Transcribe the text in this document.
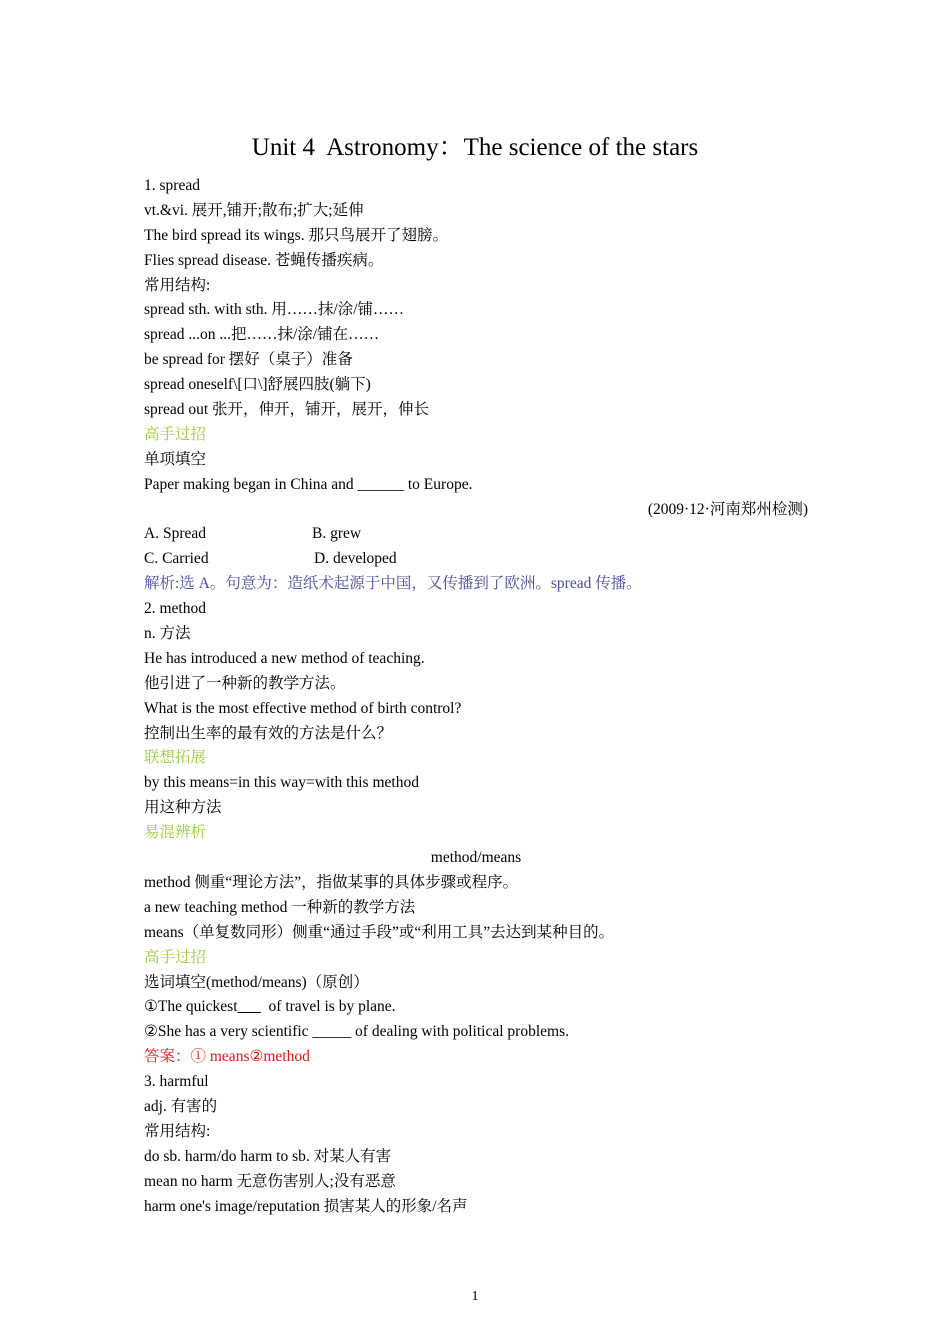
Unit 4  Astronomy：The science of the stars
1. spread
vt.&vi. 展开,铺开;散布;扩大;延伸
The bird spread its wings. 那只鸟展开了翅膀。
Flies spread disease. 苍蝇传播疾病。
常用结构:
spread sth. with sth. 用……抹/涂/铺……
spread ...on ...把……抹/涂/铺在……
be spread for 摆好（桌子）准备
spread oneself\[口\]舒展四肢(躺下)
spread out 张开，伸开，铺开，展开，伸长
高手过招
单项填空
Paper making began in China and ______ to Europe.
(2009·12·河南郑州检测)
A. Spread	B. grew
C. Carried	D. developed
解析:选 A。句意为：造纸术起源于中国，又传播到了欧洲。spread 传播。
2. method
n. 方法
He has introduced a new method of teaching.
他引进了一种新的教学方法。
What is the most effective method of birth control?
控制出生率的最有效的方法是什么？
联想拓展
by this means=in this way=with this method
用这种方法
易混辨析
method/means
method 侧重“理论方法”，指做某事的具体步骤或程序。
a new teaching method 一种新的教学方法
means（单复数同形）侧重“通过手段”或“利用工具”去达到某种目的。
高手过招
选词填空(method/means)（原创）
①The quickest        of travel is by plane.
②She has a very scientific _____ of dealing with political problems.
答案：① means②method
3. harmful
adj. 有害的
常用结构:
do sb. harm/do harm to sb. 对某人有害
mean no harm 无意伤害别人;没有恶意
harm one's image/reputation 损害某人的形象/名声
1
